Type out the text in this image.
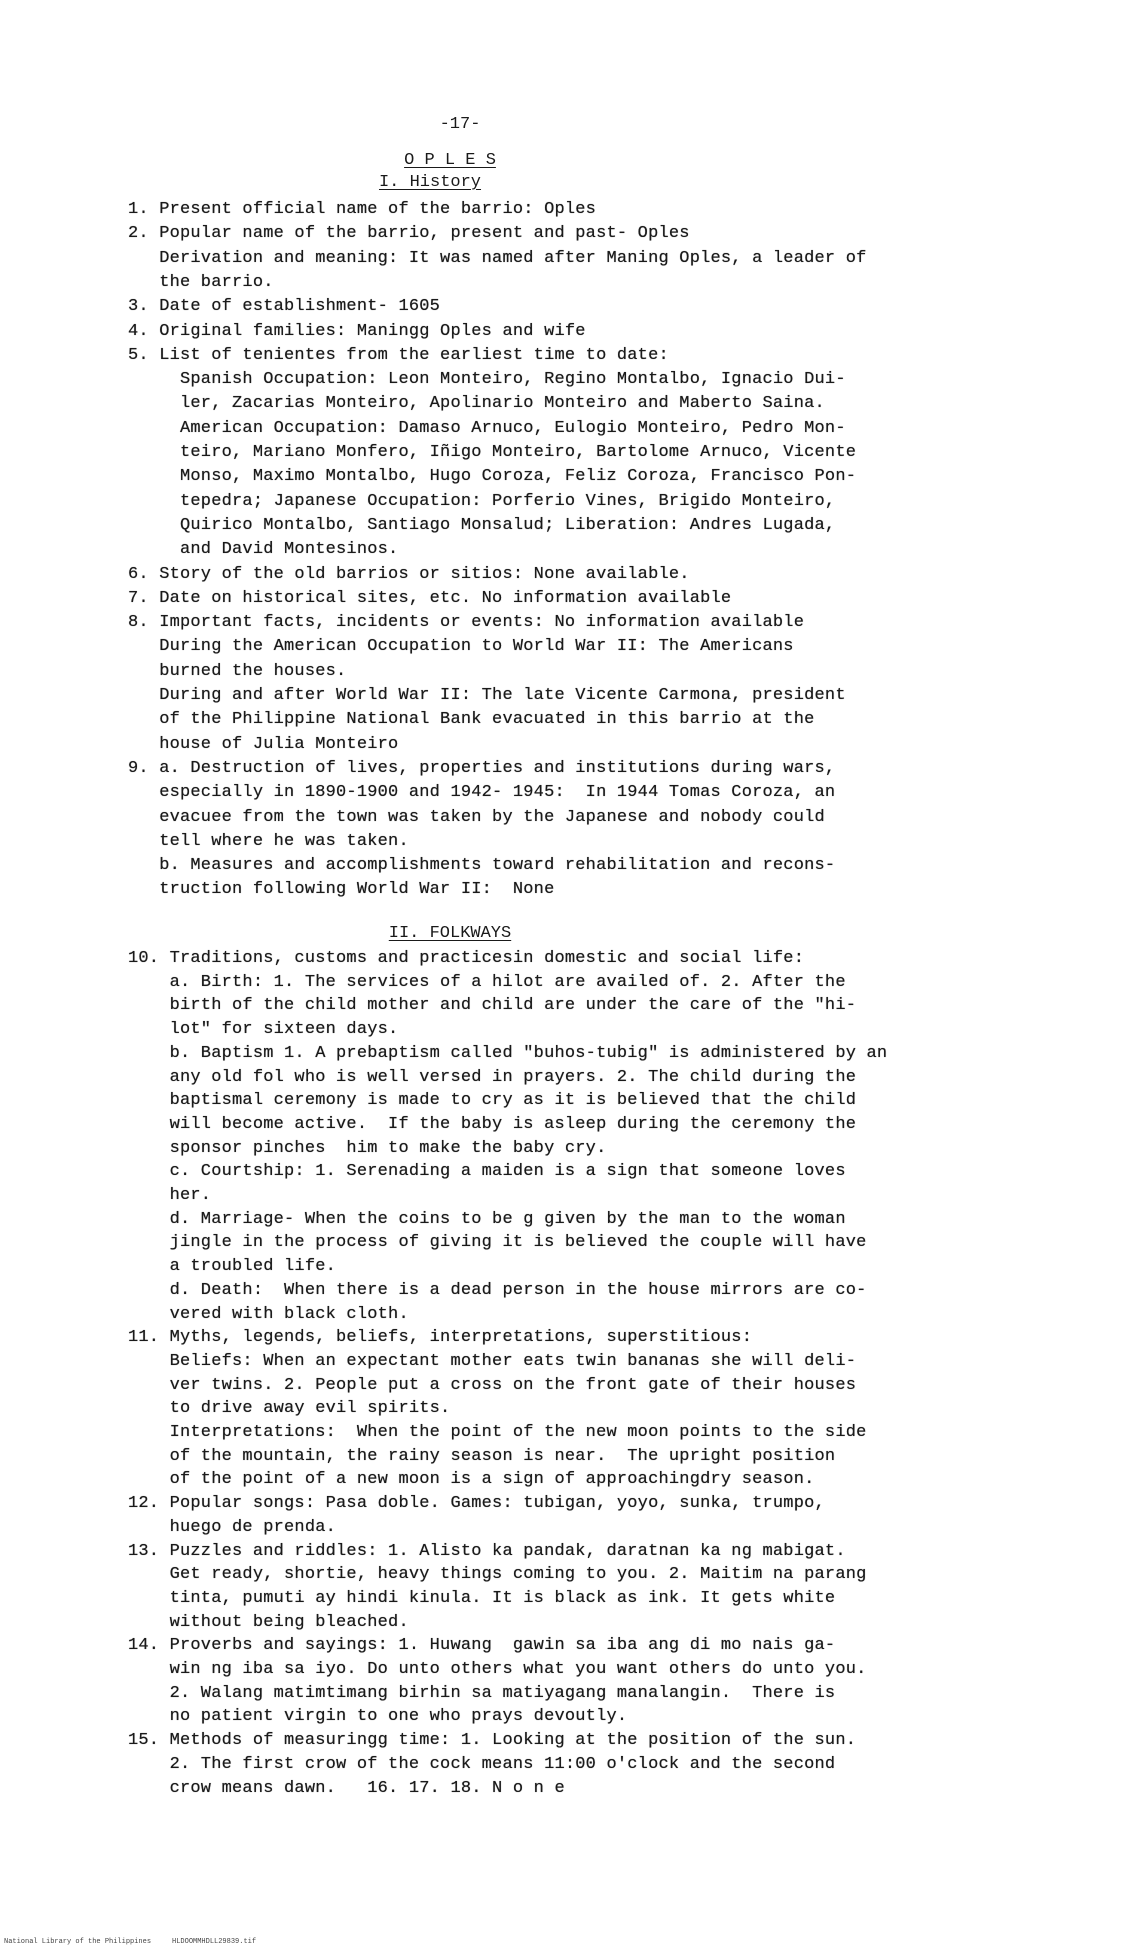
-17-
O P L E S
I. History
1. Present official name of the barrio: Oples
2. Popular name of the barrio, present and past- Oples
Derivation and meaning: It was named after Maning Oples, a leader of
the barrio.
3. Date of establishment- 1605
4. Original families: Maningg Oples and wife
5. List of tenientes from the earliest time to date:
Spanish Occupation: Leon Monteiro, Regino Montalbo, Ignacio Dui-
ler, Zacarias Monteiro, Apolinario Monteiro and Maberto Saina.
American Occupation: Damaso Arnuco, Eulogio Monteiro, Pedro Mon-
teiro, Mariano Monfero, Iñigo Monteiro, Bartolome Arnuco, Vicente
Monso, Maximo Montalbo, Hugo Coroza, Feliz Coroza, Francisco Pon-
tepedra; Japanese Occupation: Porferio Vines, Brigido Monteiro,
Quirico Montalbo, Santiago Monsalud; Liberation: Andres Lugada,
and David Montesinos.
6. Story of the old barrios or sitios: None available.
7. Date on historical sites, etc. No information available
8. Important facts, incidents or events: No information available
During the American Occupation to World War II: The Americans
burned the houses.
During and after World War II: The late Vicente Carmona, president
of the Philippine National Bank evacuated in this barrio at the
house of Julia Monteiro
9. a. Destruction of lives, properties and institutions during wars,
especially in 1890-1900 and 1942- 1945:  In 1944 Tomas Coroza, an
evacuee from the town was taken by the Japanese and nobody could
tell where he was taken.
b. Measures and accomplishments toward rehabilitation and recons-
truction following World War II:  None
II. FOLKWAYS
10. Traditions, customs and practicesin domestic and social life:
a. Birth: 1. The services of a hilot are availed of. 2. After the
birth of the child mother and child are under the care of the "hi-
lot" for sixteen days.
b. Baptism 1. A prebaptism called "buhos-tubig" is administered by an
any old fol who is well versed in prayers. 2. The child during the
baptismal ceremony is made to cry as it is believed that the child
will become active.  If the baby is asleep during the ceremony the
sponsor pinches  him to make the baby cry.
c. Courtship: 1. Serenading a maiden is a sign that someone loves
her.
d. Marriage- When the coins to be g given by the man to the woman
jingle in the process of giving it is believed the couple will have
a troubled life.
d. Death:  When there is a dead person in the house mirrors are co-
vered with black cloth.
11. Myths, legends, beliefs, interpretations, superstitious:
Beliefs: When an expectant mother eats twin bananas she will deli-
ver twins. 2. People put a cross on the front gate of their houses
to drive away evil spirits.
Interpretations:  When the point of the new moon points to the side
of the mountain, the rainy season is near.  The upright position
of the point of a new moon is a sign of approachingdry season.
12. Popular songs: Pasa doble. Games: tubigan, yoyo, sunka, trumpo,
huego de prenda.
13. Puzzles and riddles: 1. Alisto ka pandak, daratnan ka ng mabigat.
Get ready, shortie, heavy things coming to you. 2. Maitim na parang
tinta, pumuti ay hindi kinula. It is black as ink. It gets white
without being bleached.
14. Proverbs and sayings: 1. Huwang  gawin sa iba ang di mo nais ga-
win ng iba sa iyo. Do unto others what you want others do unto you.
2. Walang matimtimang birhin sa matiyagang manalangin.  There is
no patient virgin to one who prays devoutly.
15. Methods of measuringg time: 1. Looking at the position of the sun.
2. The first crow of the cock means 11:00 o'clock and the second
crow means dawn.   16. 17. 18. N o n e
National Library of the Philippines     HLDOOMMHDLL29839.tif
